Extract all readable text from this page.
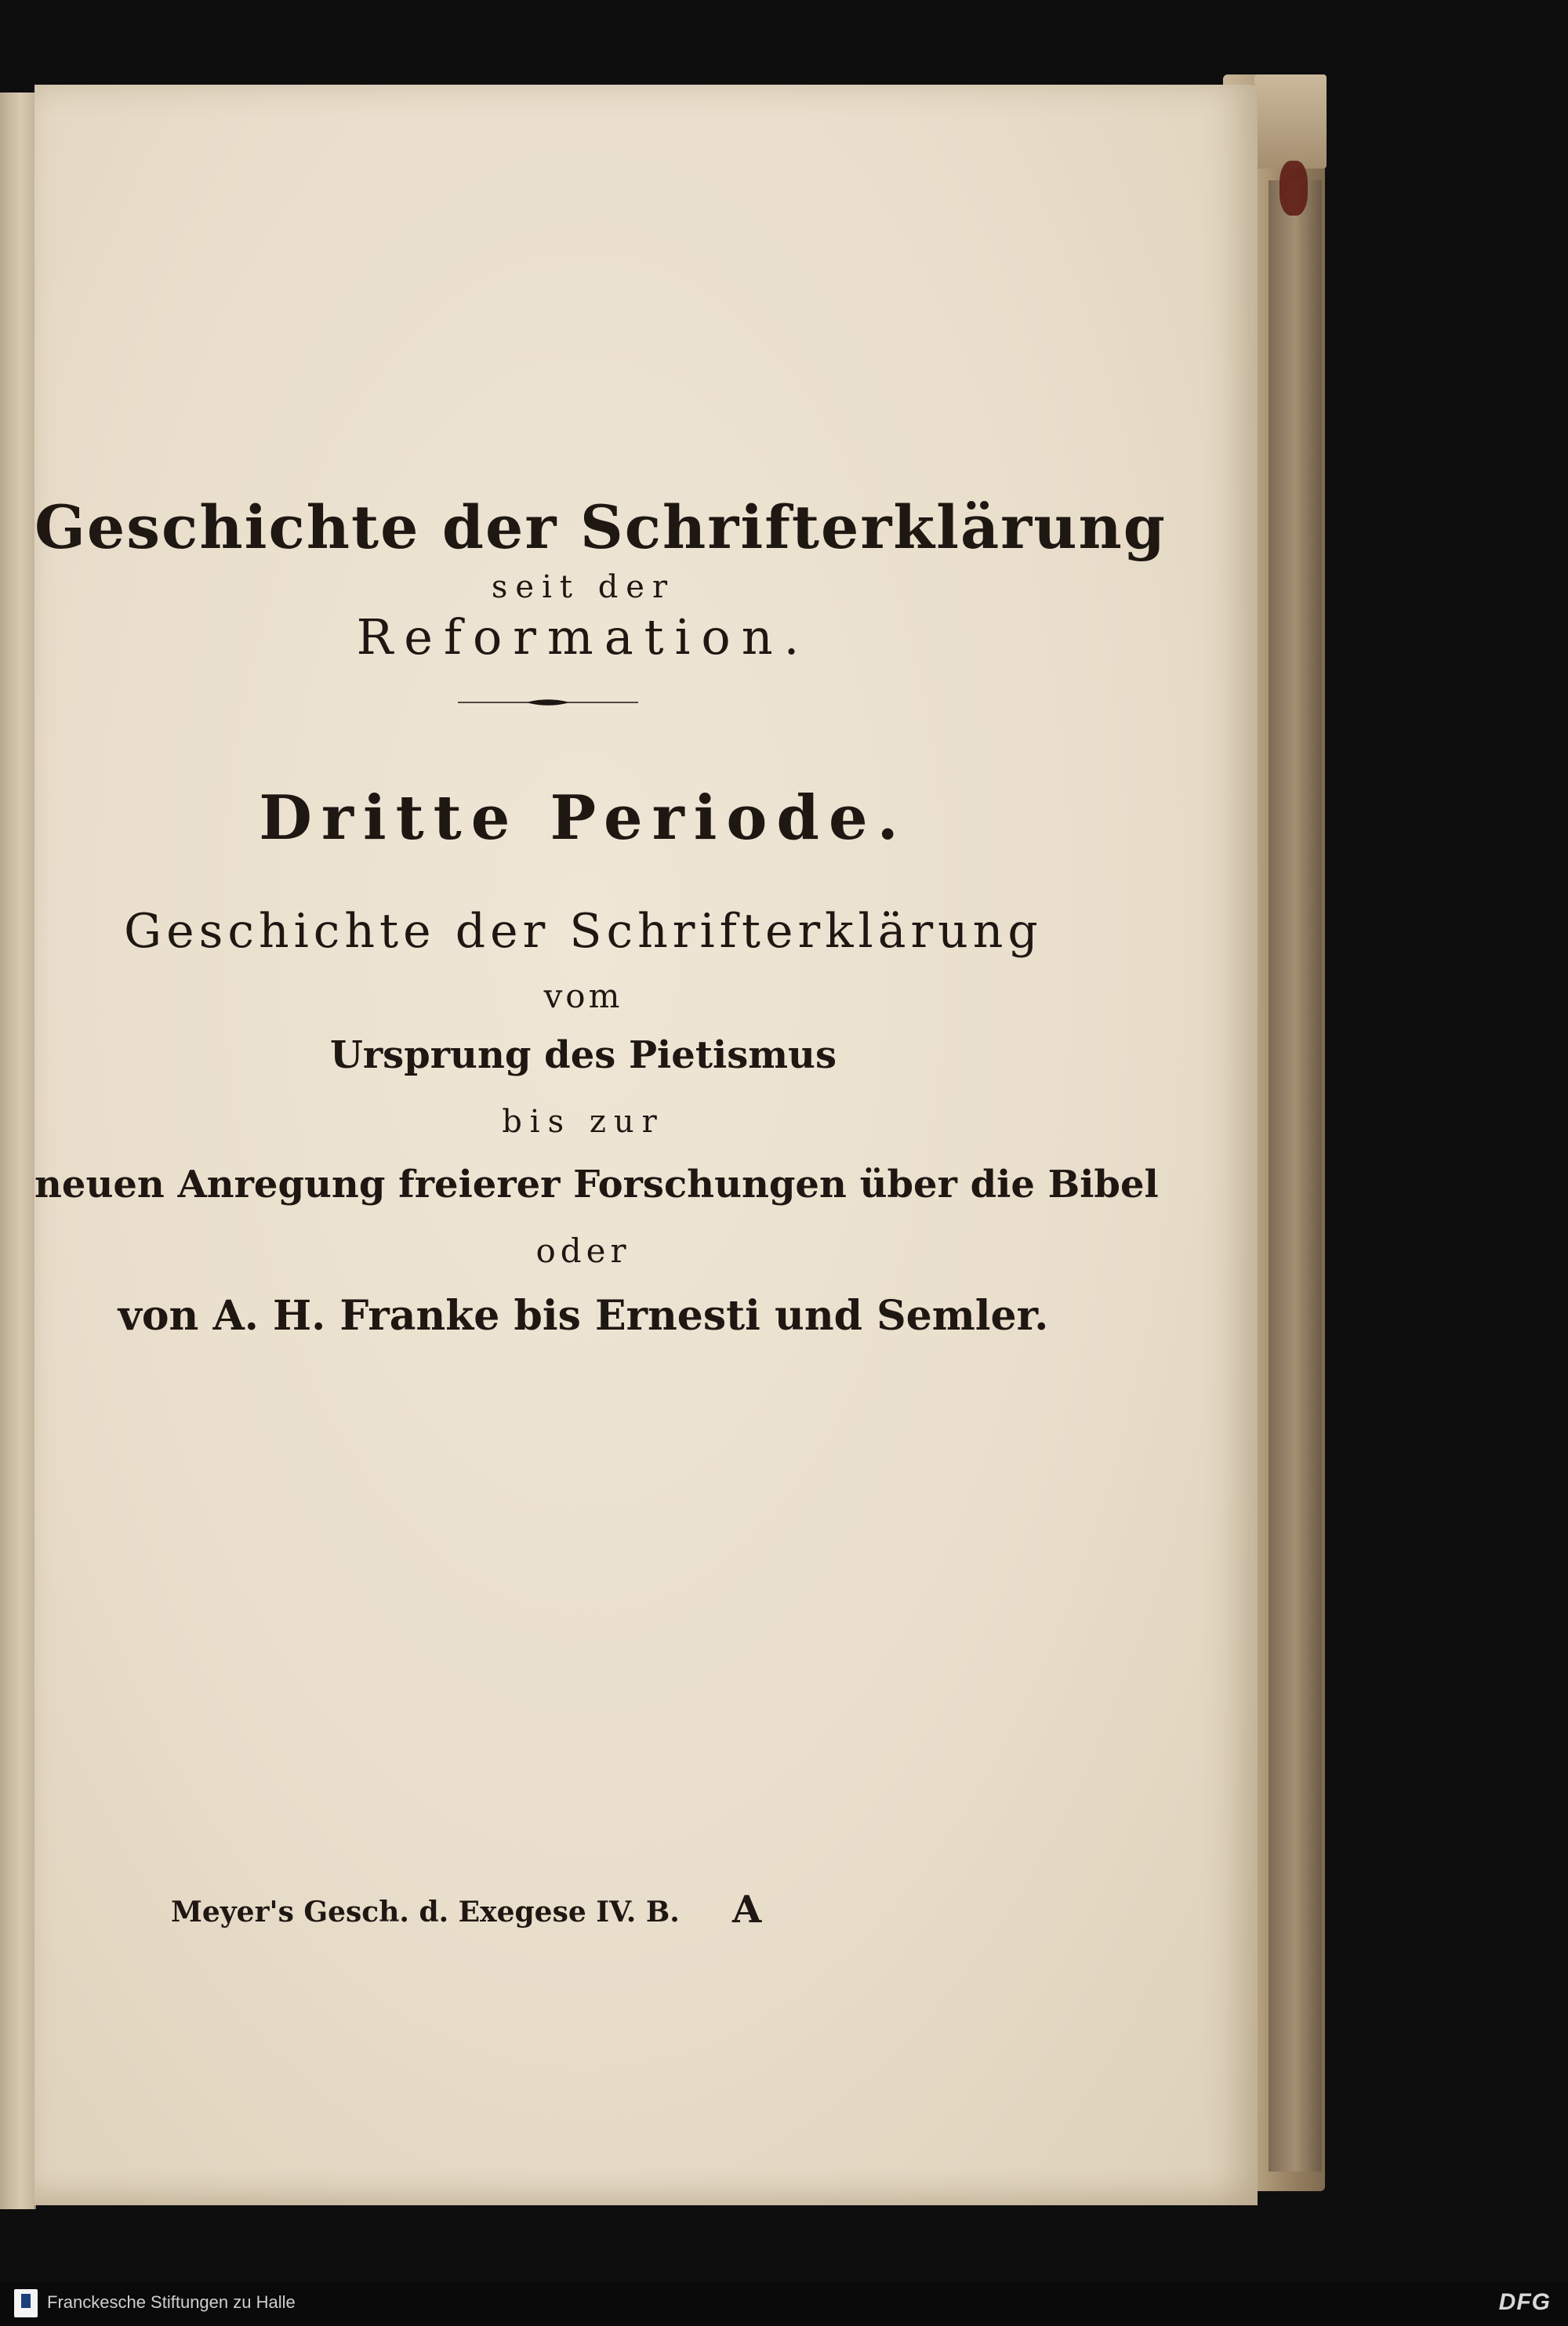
Geschichte der Schrifterklärung
seit der
Reformation.
Dritte Periode.
Geschichte der Schrifterklärung
vom
Ursprung des Pietismus
bis zur
neuen Anregung freierer Forschungen über die Bibel
oder
von A. H. Franke bis Ernesti und Semler.
Meyer's Gesch. d. Exegese IV. B. A
Franckesche Stiftungen zu Halle	DFG
